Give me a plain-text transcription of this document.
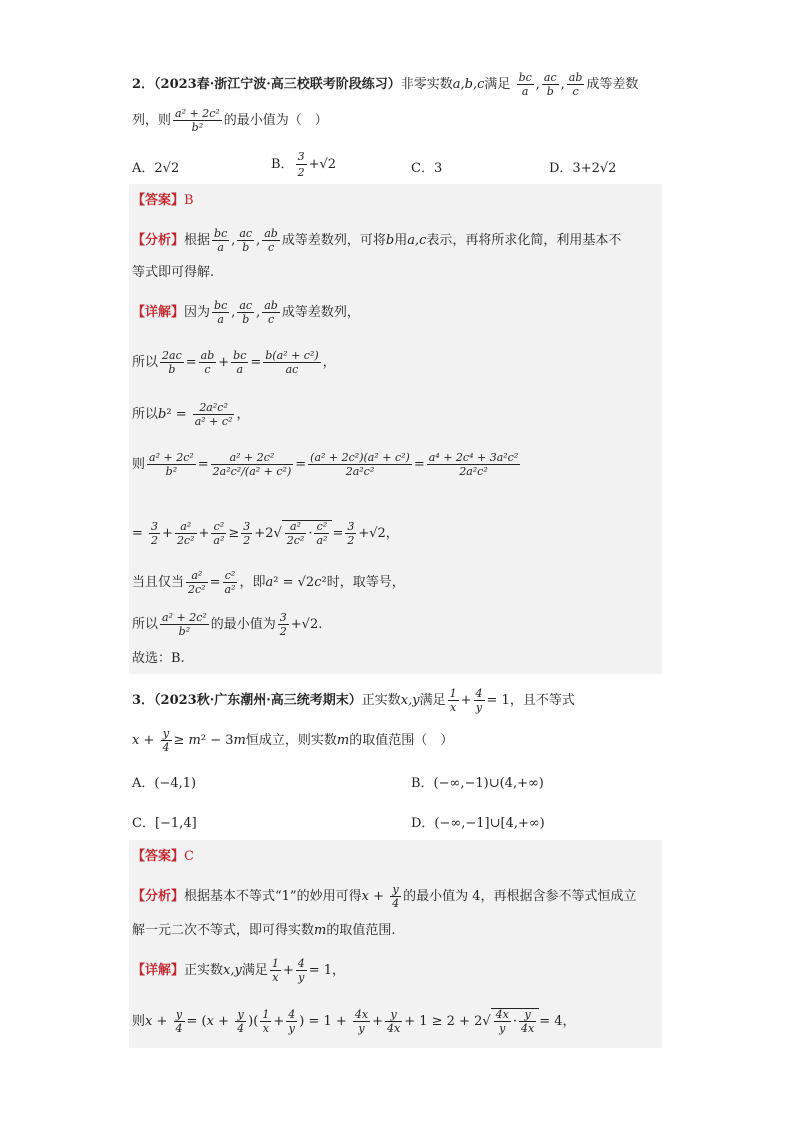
2．（2023春·浙江宁波·高三校联考阶段练习）非零实数a,b,c满足 $\frac{bc}{a}$ , $\frac{ac}{b}$ , $\frac{ab}{c}$ 成等差数
列，则 $\frac{\text{a² + 2c²}}{\text{b²}}$ 的最小值为（　）
A．2√2	B． $\frac{3}{2} +√2$	C．3	D．3+2√2
【答案】B
【分析】根据 $\frac{bc}{a}$ , $\frac{ac}{b}$ , $\frac{ab}{c}$ 成等差数列，可将b用a,c表示，再将所求化简，利用基本不
等式即可得解.
【详解】因为 $\frac{bc}{a}$ , $\frac{ac}{b}$ , $\frac{ab}{c}$ 成等差数列，
所以 $\frac{2ac}{b} = \frac{ab}{c} + \frac{bc}{a} = \frac{\text{b(a² + c²)}}{ac}$ ，
所以$b^2 = \frac{\text{2a²c²}}{\text{a² + c²}}$ ，
则 $\frac{\text{a² + 2c²}}{\text{b²}} = \frac{\text{a² + 2c²}}{\text{2a²c²/(a² + c²)}} = \frac{\text{(a² + 2c²)(a² + c²)}}{\text{2a²c²}} = \frac{\text{a⁴ + 2c⁴ + 3a²c²}}{\text{2a²c²}}$
= $\frac{3}{2} + \frac{\text{a²}}{\text{2c²}} + \frac{\text{c²}}{\text{a²}} \ge \frac{3}{2} +2√ \frac{\text{a²}}{\text{2c²}} \cdot \frac{\text{c²}}{\text{a²}} = \frac{3}{2} +√2$，
当且仅当 $\frac{\text{a²}}{\text{2c²}} = \frac{\text{c²}}{\text{a²}}$ ，即a² = √2c²时，取等号，
所以 $\frac{\text{a² + 2c²}}{\text{b²}}$ 的最小值为 $\frac{3}{2} +√2$.
故选：B.
3．（2023秋·广东潮州·高三统考期末）正实数x,y满足 $\frac{1}{x} + \frac{4}{y} = 1$，且不等式
$x + \frac{y}{4} \ge m^2 - 3m$恒成立，则实数m的取值范围（　）
A．(−4,1)	B．(−∞,−1)∪(4,+∞)
C．[−1,4]	D．(−∞,−1]∪[4,+∞)
【答案】C
【分析】根据基本不等式“1”的妙用可得$x + \frac{y}{4}$ 的最小值为 4，再根据含参不等式恒成立
解一元二次不等式，即可得实数m的取值范围.
【详解】正实数x,y满足 $\frac{1}{x} + \frac{4}{y} = 1$，
则$x + \frac{y}{4} = (x + \frac{y}{4}$ )( $\frac{1}{x} + \frac{4}{y}$ ) = $1 + \frac{4x}{y} + \frac{y}{4x} + 1 \ge 2 + 2√ \frac{4x}{y} \cdot \frac{y}{4x} = 4$，
